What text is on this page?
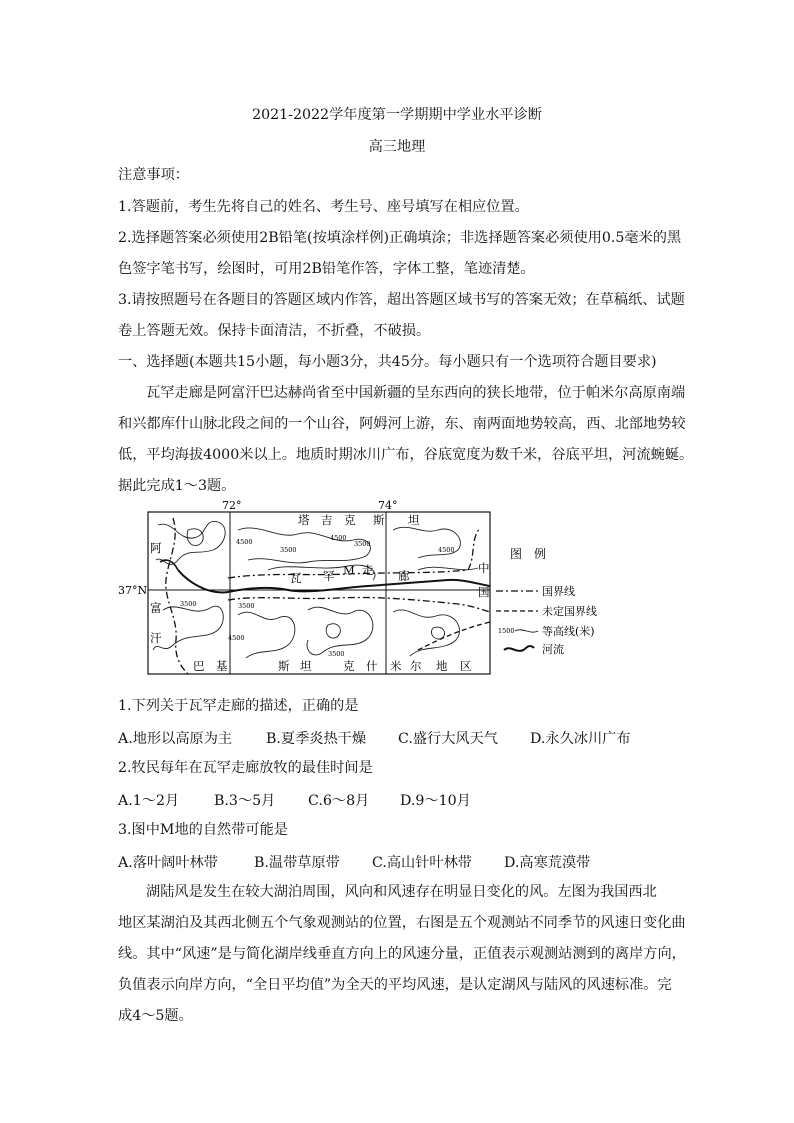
2021-2022学年度第一学期期中学业水平诊断
高三地理
注意事项：
1.答题前，考生先将自己的姓名、考生号、座号填写在相应位置。
2.选择题答案必须使用2B铅笔(按填涂样例)正确填涂；非选择题答案必须使用0.5毫米的黑
色签字笔书写，绘图时，可用2B铅笔作答，字体工整，笔迹清楚。
3.请按照题号在各题目的答题区域内作答，超出答题区域书写的答案无效；在草稿纸、试题
卷上答题无效。保持卡面清洁，不折叠，不破损。
一、选择题(本题共15小题，每小题3分，共45分。每小题只有一个选项符合题目要求)
瓦罕走廊是阿富汗巴达赫尚省至中国新疆的呈东西向的狭长地带，位于帕米尔高原南端
和兴都库什山脉北段之间的一个山谷，阿姆河上游，东、南两面地势较高，西、北部地势较
低，平均海拔4000米以上。地质时期冰川广布，谷底宽度为数千米，谷底平坦，河流蜿蜒。
据此完成1～3题。
72°	74°
37°N
塔 吉 克 斯 坦
巴 基	斯 坦	克 什 米 尔 地 区
阿
富
汗
中
国
瓦 罕 M 走 廊
4500
3500
4500
3500
4500
3500
3500
4500
3500
图　例
国界线
未定国界线
1500 等高线(米)
河流
1.下列关于瓦罕走廊的描述，正确的是
A.地形以高原为主 B.夏季炎热干燥 C.盛行大风天气 D.永久冰川广布
2.牧民每年在瓦罕走廊放牧的最佳时间是
A.1～2月 B.3～5月 C.6～8月 D.9～10月
3.图中M地的自然带可能是
A.落叶阔叶林带	B.温带草原带 C.高山针叶林带 D.高寒荒漠带
湖陆风是发生在较大湖泊周围，风向和风速存在明显日变化的风。左图为我国西北
地区某湖泊及其西北侧五个气象观测站的位置，右图是五个观测站不同季节的风速日变化曲
线。其中“风速”是与简化湖岸线垂直方向上的风速分量，正值表示观测站测到的离岸方向，
负值表示向岸方向，“全日平均值”为全天的平均风速，是认定湖风与陆风的风速标准。完
成4～5题。
